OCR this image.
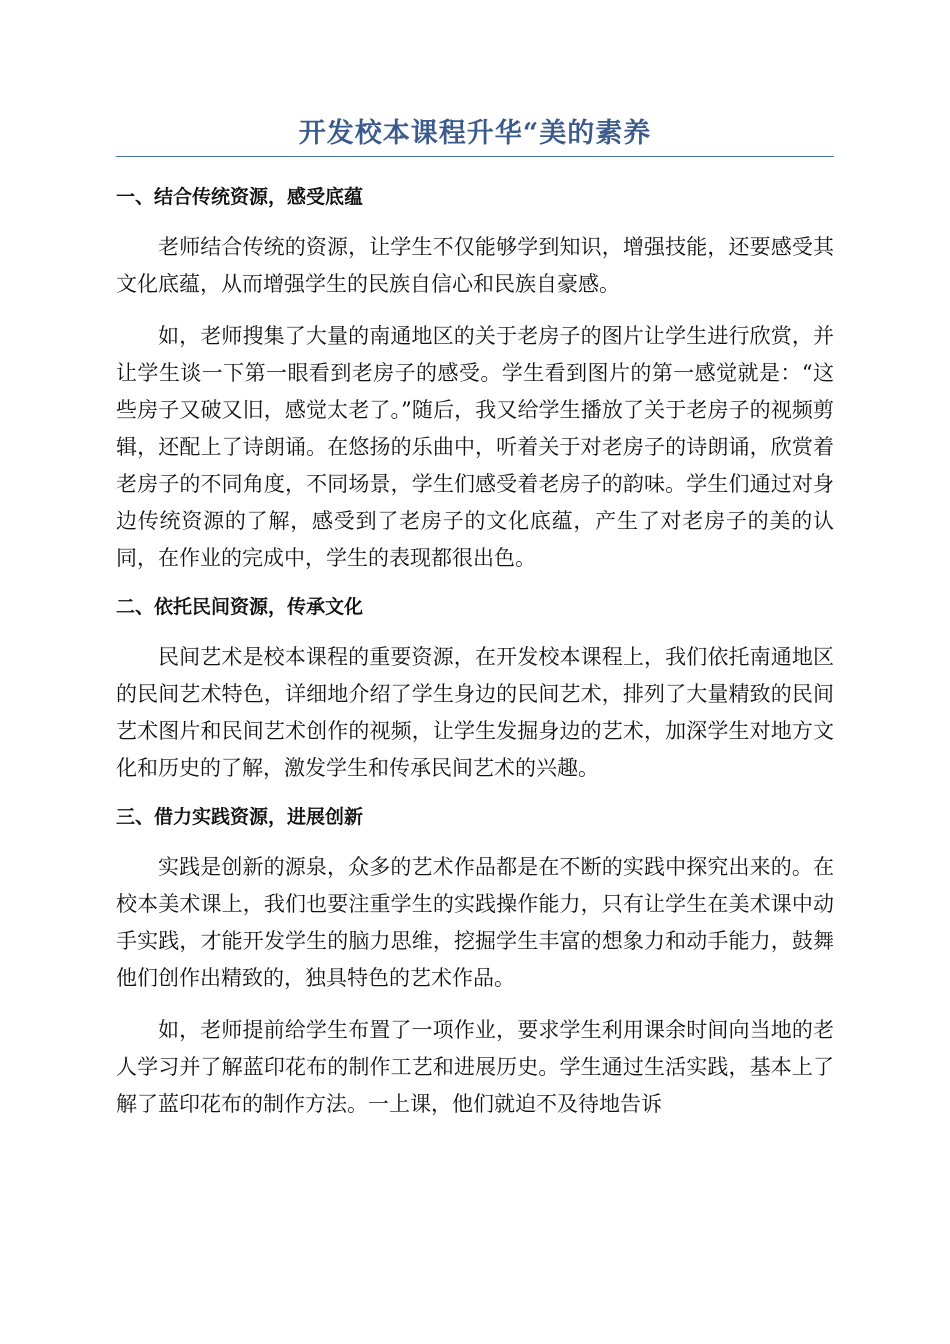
开发校本课程升华“美的素养
一、结合传统资源，感受底蕴

老师结合传统的资源，让学生不仅能够学到知识，增强技能，还要感受其文化底蕴，从而增强学生的民族自信心和民族自豪感。

如，老师搜集了大量的南通地区的关于老房子的图片让学生进行欣赏，并让学生谈一下第一眼看到老房子的感受。学生看到图片的第一感觉就是：“这些房子又破又旧，感觉太老了。”随后，我又给学生播放了关于老房子的视频剪辑，还配上了诗朗诵。在悠扬的乐曲中，听着关于对老房子的诗朗诵，欣赏着老房子的不同角度，不同场景，学生们感受着老房子的韵味。学生们通过对身边传统资源的了解，感受到了老房子的文化底蕴，产生了对老房子的美的认同，在作业的完成中，学生的表现都很出色。

二、依托民间资源，传承文化

民间艺术是校本课程的重要资源，在开发校本课程上，我们依托南通地区的民间艺术特色，详细地介绍了学生身边的民间艺术，排列了大量精致的民间艺术图片和民间艺术创作的视频，让学生发掘身边的艺术，加深学生对地方文化和历史的了解，激发学生和传承民间艺术的兴趣。

三、借力实践资源，进展创新

实践是创新的源泉，众多的艺术作品都是在不断的实践中探究出来的。在校本美术课上，我们也要注重学生的实践操作能力，只有让学生在美术课中动手实践，才能开发学生的脑力思维，挖掘学生丰富的想象力和动手能力，鼓舞他们创作出精致的，独具特色的艺术作品。

如，老师提前给学生布置了一项作业，要求学生利用课余时间向当地的老人学习并了解蓝印花布的制作工艺和进展历史。学生通过生活实践，基本上了解了蓝印花布的制作方法。一上课，他们就迫不及待地告诉
